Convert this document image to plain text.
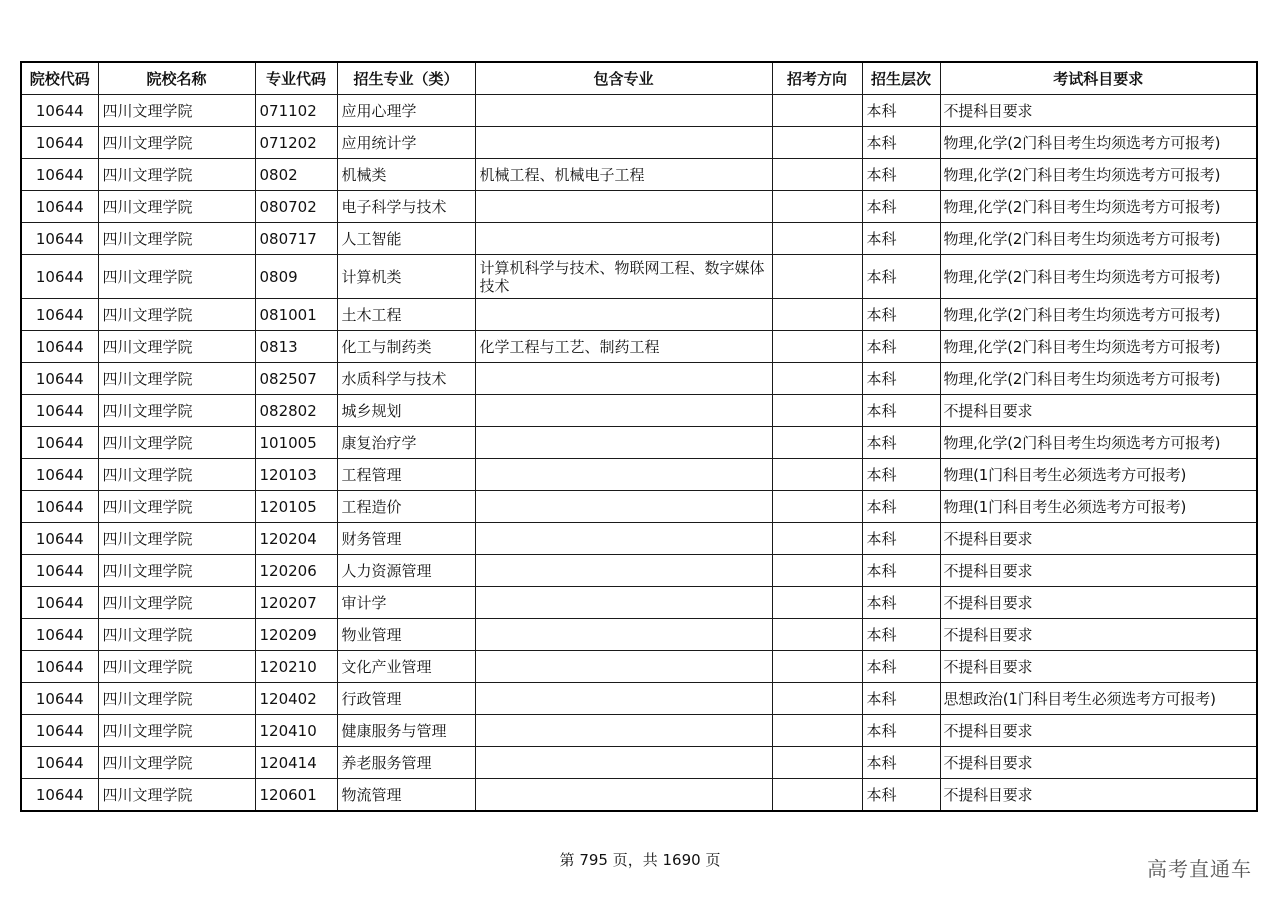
院校代码	院校名称	专业代码	招生专业（类）	包含专业	招考方向	招生层次	考试科目要求
10644	四川文理学院	071102	应用心理学			本科	不提科目要求
10644	四川文理学院	071202	应用统计学			本科	物理,化学(2门科目考生均须选考方可报考)
10644	四川文理学院	0802	机械类	机械工程、机械电子工程		本科	物理,化学(2门科目考生均须选考方可报考)
10644	四川文理学院	080702	电子科学与技术			本科	物理,化学(2门科目考生均须选考方可报考)
10644	四川文理学院	080717	人工智能			本科	物理,化学(2门科目考生均须选考方可报考)
10644	四川文理学院	0809	计算机类	计算机科学与技术、物联网工程、数字媒体技术		本科	物理,化学(2门科目考生均须选考方可报考)
10644	四川文理学院	081001	土木工程			本科	物理,化学(2门科目考生均须选考方可报考)
10644	四川文理学院	0813	化工与制药类	化学工程与工艺、制药工程		本科	物理,化学(2门科目考生均须选考方可报考)
10644	四川文理学院	082507	水质科学与技术			本科	物理,化学(2门科目考生均须选考方可报考)
10644	四川文理学院	082802	城乡规划			本科	不提科目要求
10644	四川文理学院	101005	康复治疗学			本科	物理,化学(2门科目考生均须选考方可报考)
10644	四川文理学院	120103	工程管理			本科	物理(1门科目考生必须选考方可报考)
10644	四川文理学院	120105	工程造价			本科	物理(1门科目考生必须选考方可报考)
10644	四川文理学院	120204	财务管理			本科	不提科目要求
10644	四川文理学院	120206	人力资源管理			本科	不提科目要求
10644	四川文理学院	120207	审计学			本科	不提科目要求
10644	四川文理学院	120209	物业管理			本科	不提科目要求
10644	四川文理学院	120210	文化产业管理			本科	不提科目要求
10644	四川文理学院	120402	行政管理			本科	思想政治(1门科目考生必须选考方可报考)
10644	四川文理学院	120410	健康服务与管理			本科	不提科目要求
10644	四川文理学院	120414	养老服务管理			本科	不提科目要求
10644	四川文理学院	120601	物流管理			本科	不提科目要求
第 795 页，共 1690 页	高考直通车
